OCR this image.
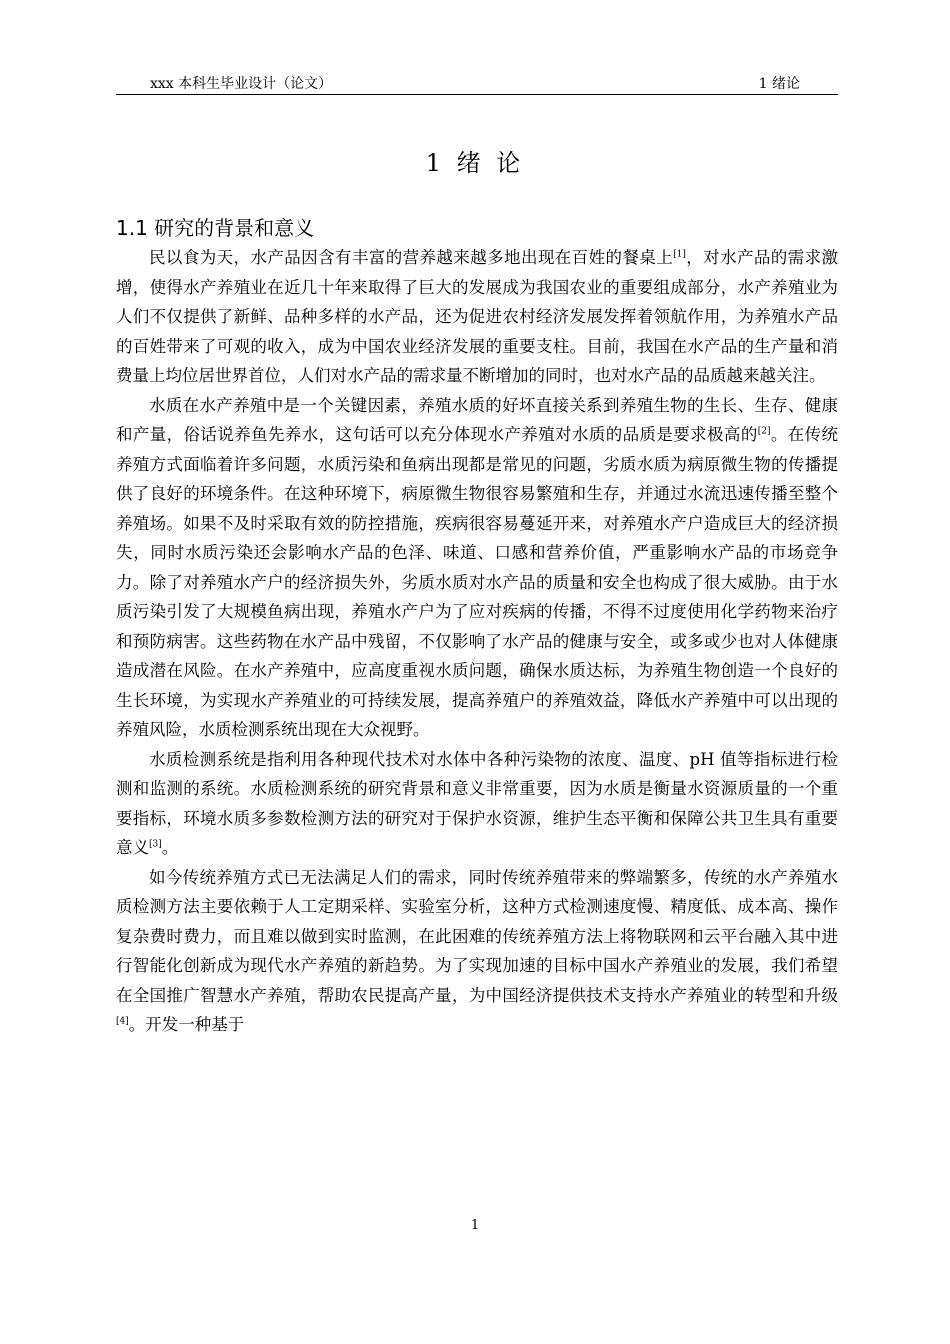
xxx 本科生毕业设计（论文）	1 绪论
1 绪 论
1.1 研究的背景和意义

民以食为天，水产品因含有丰富的营养越来越多地出现在百姓的餐桌上[1]，对水产品的需求激增，使得水产养殖业在近几十年来取得了巨大的发展成为我国农业的重要组成部分，水产养殖业为人们不仅提供了新鲜、品种多样的水产品，还为促进农村经济发展发挥着领航作用，为养殖水产品的百姓带来了可观的收入，成为中国农业经济发展的重要支柱。目前，我国在水产品的生产量和消费量上均位居世界首位，人们对水产品的需求量不断增加的同时，也对水产品的品质越来越关注。

水质在水产养殖中是一个关键因素，养殖水质的好坏直接关系到养殖生物的生长、生存、健康和产量，俗话说养鱼先养水，这句话可以充分体现水产养殖对水质的品质是要求极高的[2]。在传统养殖方式面临着许多问题，水质污染和鱼病出现都是常见的问题，劣质水质为病原微生物的传播提供了良好的环境条件。在这种环境下，病原微生物很容易繁殖和生存，并通过水流迅速传播至整个养殖场。如果不及时采取有效的防控措施，疾病很容易蔓延开来，对养殖水产户造成巨大的经济损失，同时水质污染还会影响水产品的色泽、味道、口感和营养价值，严重影响水产品的市场竞争力。除了对养殖水产户的经济损失外，劣质水质对水产品的质量和安全也构成了很大威胁。由于水质污染引发了大规模鱼病出现，养殖水产户为了应对疾病的传播，不得不过度使用化学药物来治疗和预防病害。这些药物在水产品中残留，不仅影响了水产品的健康与安全，或多或少也对人体健康造成潜在风险。在水产养殖中，应高度重视水质问题，确保水质达标，为养殖生物创造一个良好的生长环境，为实现水产养殖业的可持续发展，提高养殖户的养殖效益，降低水产养殖中可以出现的养殖风险，水质检测系统出现在大众视野。

水质检测系统是指利用各种现代技术对水体中各种污染物的浓度、温度、pH 值等指标进行检测和监测的系统。水质检测系统的研究背景和意义非常重要，因为水质是衡量水资源质量的一个重要指标，环境水质多参数检测方法的研究对于保护水资源，维护生态平衡和保障公共卫生具有重要意义[3]。

如今传统养殖方式已无法满足人们的需求，同时传统养殖带来的弊端繁多，传统的水产养殖水质检测方法主要依赖于人工定期采样、实验室分析，这种方式检测速度慢、精度低、成本高、操作复杂费时费力，而且难以做到实时监测，在此困难的传统养殖方法上将物联网和云平台融入其中进行智能化创新成为现代水产养殖的新趋势。为了实现加速的目标中国水产养殖业的发展，我们希望在全国推广智慧水产养殖，帮助农民提高产量，为中国经济提供技术支持水产养殖业的转型和升级[4]。开发一种基于

1
